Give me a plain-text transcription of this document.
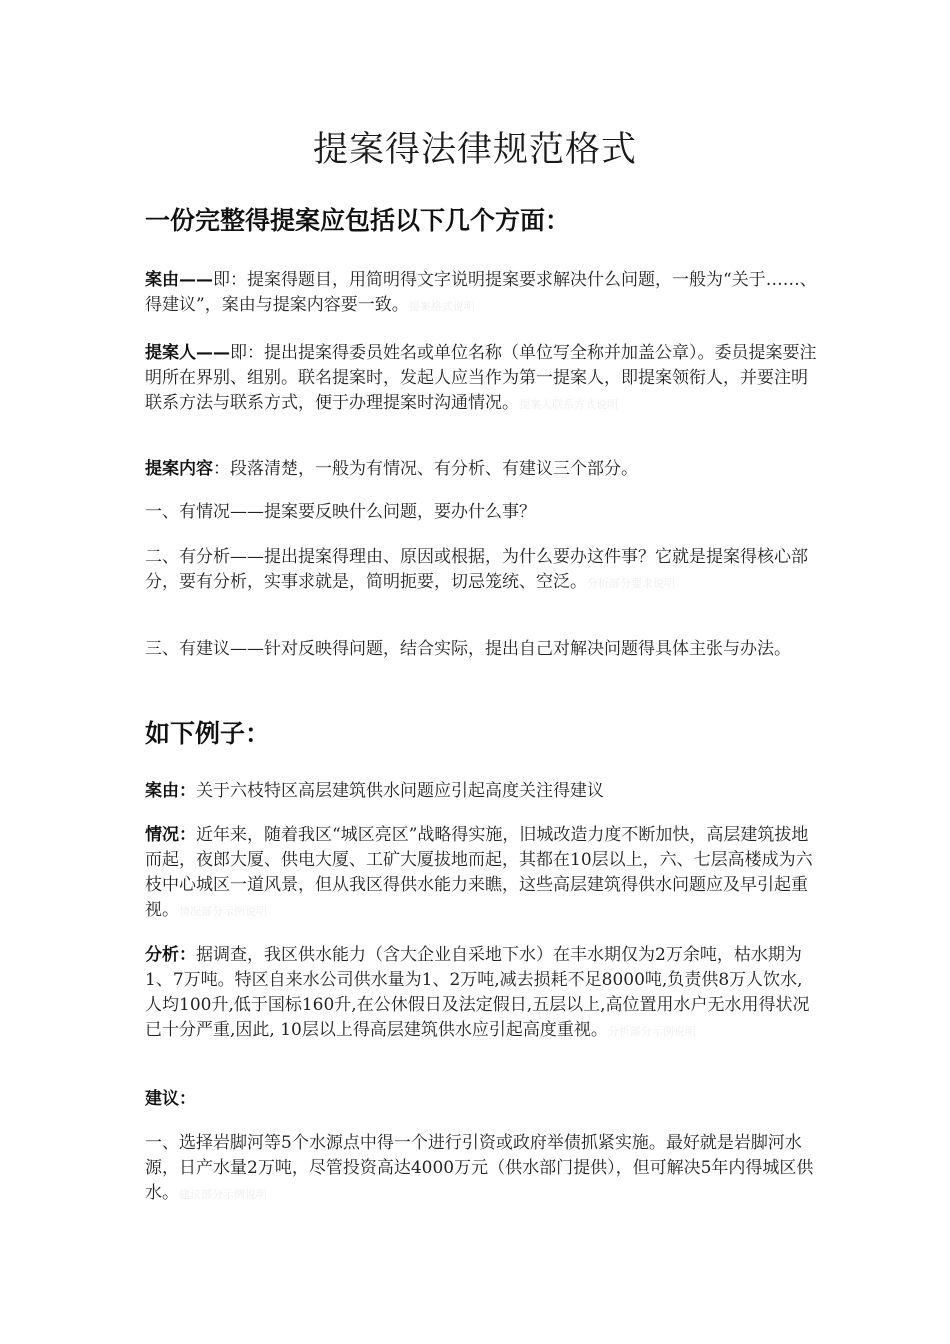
提案得法律规范格式
一份完整得提案应包括以下几个方面：

案由——即：提案得题目，用简明得文字说明提案要求解决什么问题，一般为“关于……、得建议”，案由与提案内容要一致。提案格式说明

提案人——即：提出提案得委员姓名或单位名称（单位写全称并加盖公章）。委员提案要注明所在界别、组别。联名提案时，发起人应当作为第一提案人，即提案领衔人，并要注明联系方法与联系方式，便于办理提案时沟通情况。提案人联系方式说明

提案内容：段落清楚，一般为有情况、有分析、有建议三个部分。

一、有情况——提案要反映什么问题，要办什么事？

二、有分析——提出提案得理由、原因或根据，为什么要办这件事？它就是提案得核心部分，要有分析，实事求就是，简明扼要，切忌笼统、空泛。分析部分要求说明

三、有建议——针对反映得问题，结合实际，提出自己对解决问题得具体主张与办法。

如下例子：

案由：关于六枝特区高层建筑供水问题应引起高度关注得建议

情况：近年来，随着我区“城区亮区”战略得实施，旧城改造力度不断加快，高层建筑拔地而起，夜郎大厦、供电大厦、工矿大厦拔地而起，其都在10层以上，六、七层高楼成为六枝中心城区一道风景，但从我区得供水能力来瞧，这些高层建筑得供水问题应及早引起重视。情况部分示例说明

分析：据调查，我区供水能力（含大企业自采地下水）在丰水期仅为2万余吨，枯水期为1、7万吨。特区自来水公司供水量为1、2万吨,减去损耗不足8000吨,负责供8万人饮水,人均100升,低于国标160升,在公休假日及法定假日,五层以上,高位置用水户无水用得状况已十分严重,因此, 10层以上得高层建筑供水应引起高度重视。分析部分示例说明

建议：

一、选择岩脚河等5个水源点中得一个进行引资或政府举债抓紧实施。最好就是岩脚河水源，日产水量2万吨，尽管投资高达4000万元（供水部门提供），但可解决5年内得城区供水。建议部分示例说明
